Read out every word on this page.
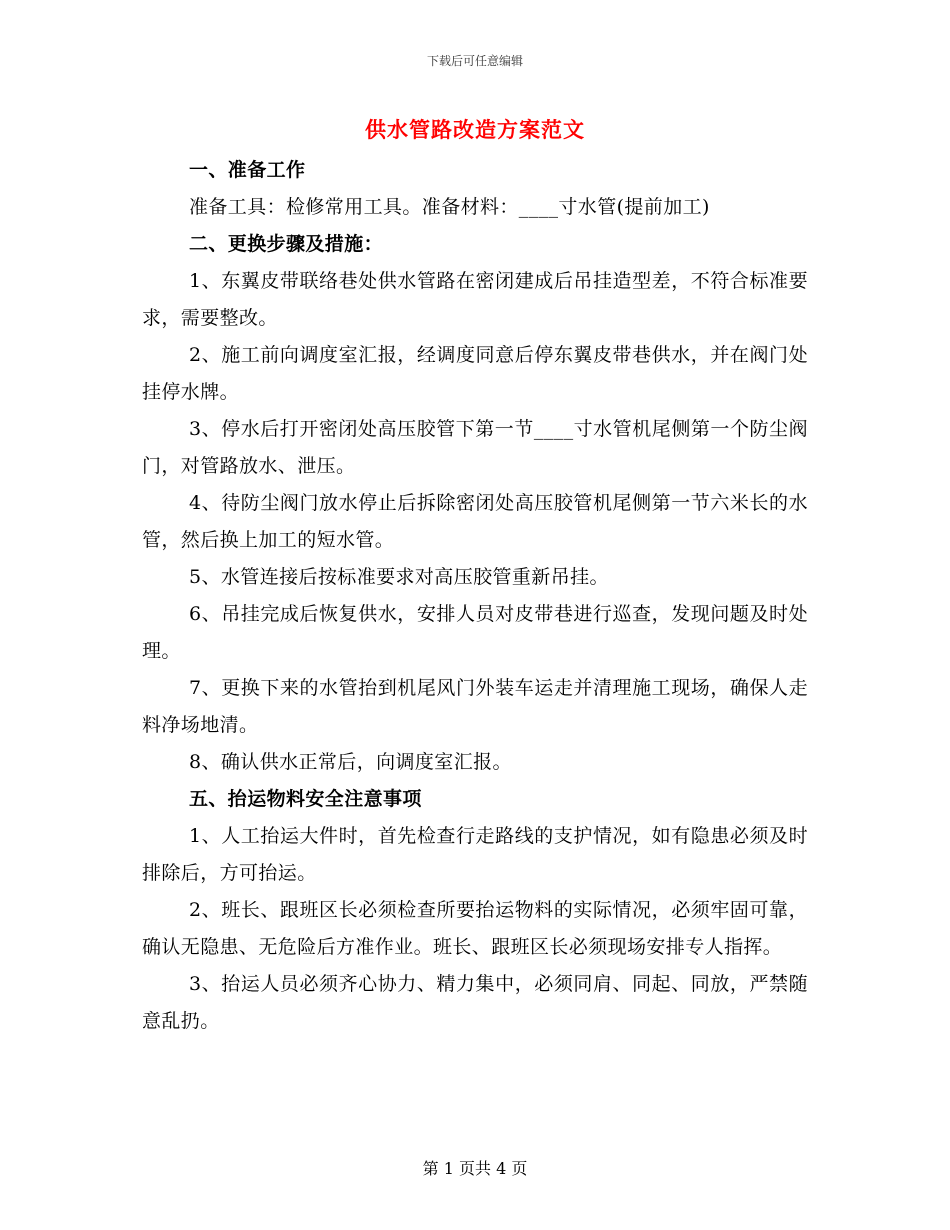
下载后可任意编辑
供水管路改造方案范文

一、准备工作

准备工具：检修常用工具。准备材料：____寸水管(提前加工)

二、更换步骤及措施：

1、东翼皮带联络巷处供水管路在密闭建成后吊挂造型差，不符合标准要求，需要整改。

2、施工前向调度室汇报，经调度同意后停东翼皮带巷供水，并在阀门处挂停水牌。

3、停水后打开密闭处高压胶管下第一节____寸水管机尾侧第一个防尘阀门，对管路放水、泄压。

4、待防尘阀门放水停止后拆除密闭处高压胶管机尾侧第一节六米长的水管，然后换上加工的短水管。

5、水管连接后按标准要求对高压胶管重新吊挂。

6、吊挂完成后恢复供水，安排人员对皮带巷进行巡查，发现问题及时处理。

7、更换下来的水管抬到机尾风门外装车运走并清理施工现场，确保人走料净场地清。

8、确认供水正常后，向调度室汇报。

五、抬运物料安全注意事项

1、人工抬运大件时，首先检查行走路线的支护情况，如有隐患必须及时排除后，方可抬运。

2、班长、跟班区长必须检查所要抬运物料的实际情况，必须牢固可靠，确认无隐患、无危险后方准作业。班长、跟班区长必须现场安排专人指挥。

3、抬运人员必须齐心协力、精力集中，必须同肩、同起、同放，严禁随意乱扔。

第 1 页共 4 页
